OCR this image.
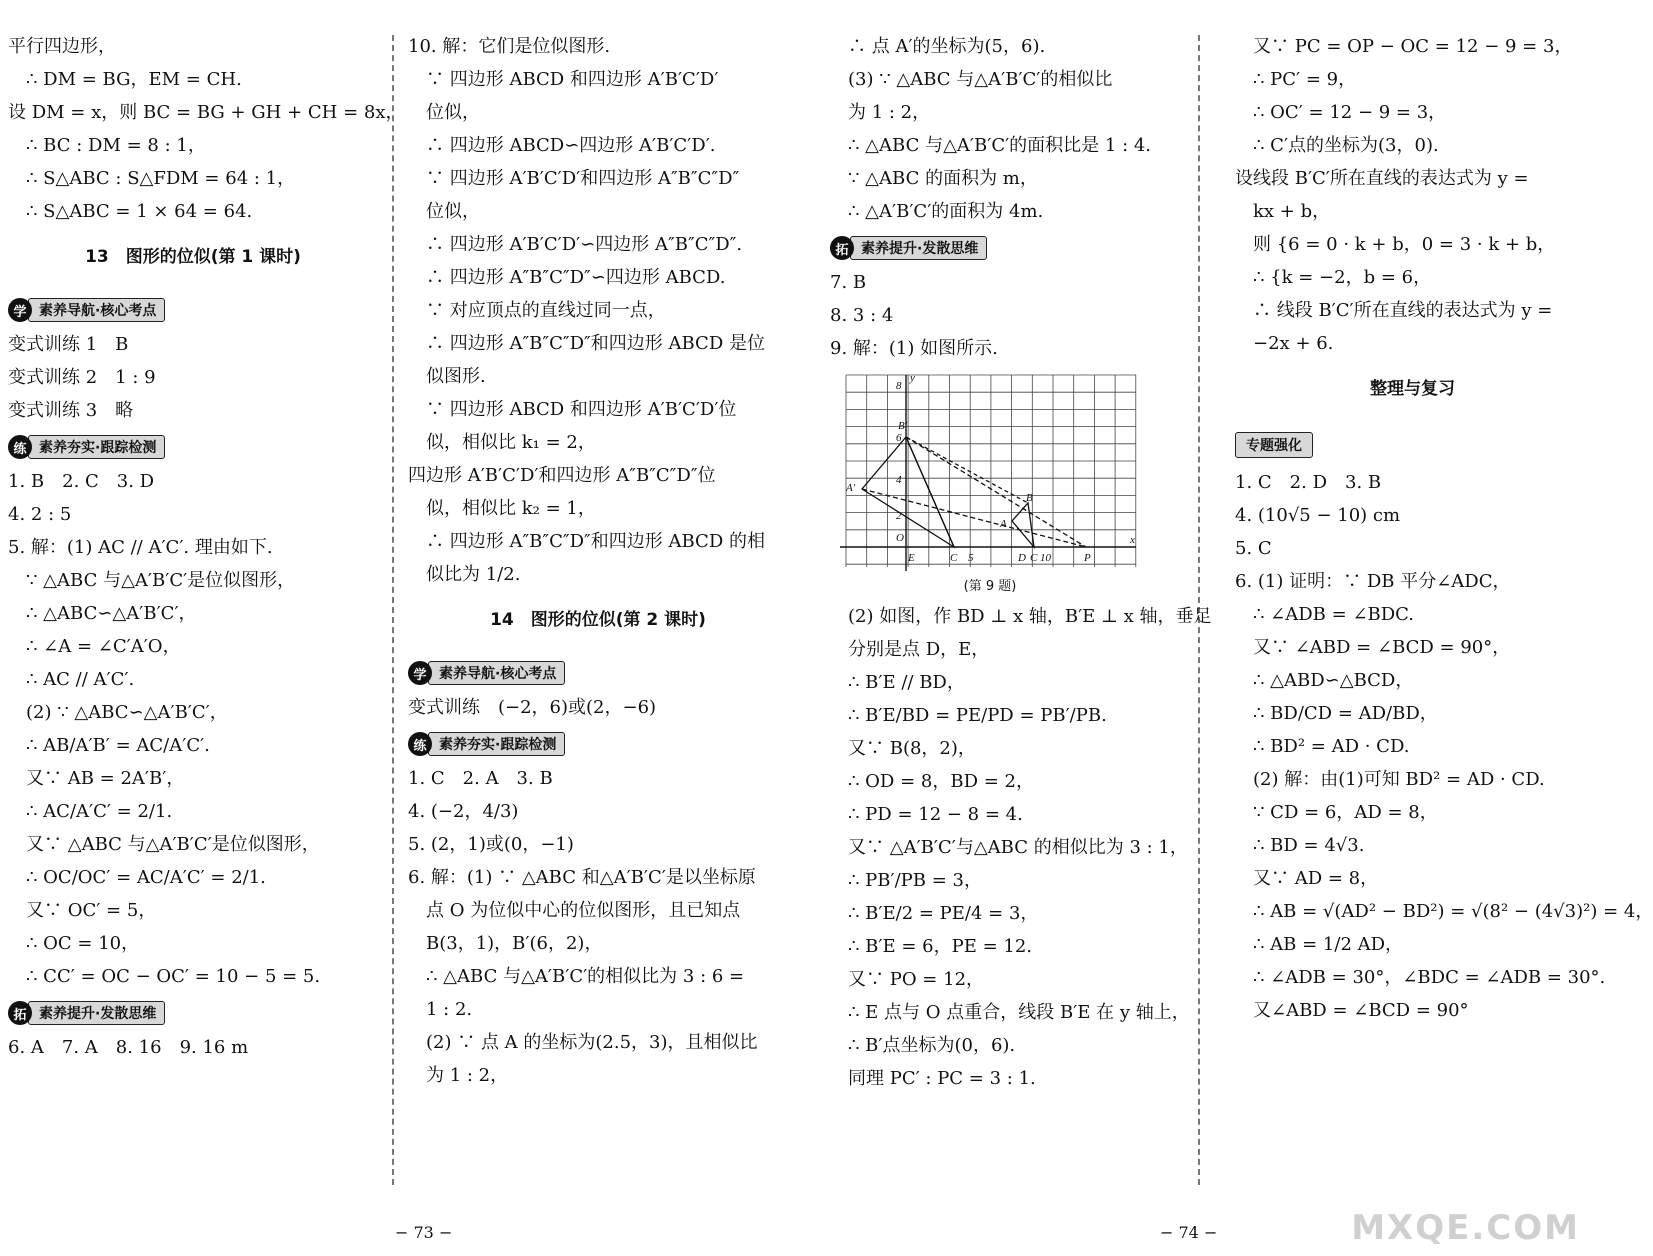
平行四边形，
∴ DM = BG，EM = CH.
设 DM = x，则 BC = BG + GH + CH = 8x，
∴ BC : DM = 8 : 1，
∴ S△ABC : S△FDM = 64 : 1，
∴ S△ABC = 1 × 64 = 64.
13　图形的位似(第 1 课时)
学 素养导航·核心考点
变式训练 1　B
变式训练 2　1 : 9
变式训练 3　略
练 素养夯实·跟踪检测
1. B　2. C　3. D
4. 2 : 5
5. 解：(1) AC // A′C′. 理由如下.
∵ △ABC 与△A′B′C′是位似图形，
∴ △ABC∽△A′B′C′，
∴ ∠A = ∠C′A′O，
∴ AC // A′C′.
(2) ∵ △ABC∽△A′B′C′，
∴ AB/A′B′ = AC/A′C′.
又∵ AB = 2A′B′，
∴ AC/A′C′ = 2/1.
又∵ △ABC 与△A′B′C′是位似图形，
∴ OC/OC′ = AC/A′C′ = 2/1.
又∵ OC′ = 5，
∴ OC = 10，
∴ CC′ = OC − OC′ = 10 − 5 = 5.
拓 素养提升·发散思维
6. A　7. A　8. 16　9. 16 m
10. 解：它们是位似图形.
∵ 四边形 ABCD 和四边形 A′B′C′D′
位似，
∴ 四边形 ABCD∽四边形 A′B′C′D′.
∵ 四边形 A′B′C′D′和四边形 A″B″C″D″
位似，
∴ 四边形 A′B′C′D′∽四边形 A″B″C″D″.
∴ 四边形 A″B″C″D″∽四边形 ABCD.
∵ 对应顶点的直线过同一点，
∴ 四边形 A″B″C″D″和四边形 ABCD 是位
似图形.
∵ 四边形 ABCD 和四边形 A′B′C′D′位
似，相似比 k₁ = 2，
四边形 A′B′C′D′和四边形 A″B″C″D″位
似，相似比 k₂ = 1，
∴ 四边形 A″B″C″D″和四边形 ABCD 的相
似比为 1/2.
14　图形的位似(第 2 课时)
学 素养导航·核心考点
变式训练　(−2，6)或(2，−6)
练 素养夯实·跟踪检测
1. C　2. A　3. B
4. (−2，4/3)
5. (2，1)或(0，−1)
6. 解：(1) ∵ △ABC 和△A′B′C′是以坐标原
点 O 为位似中心的位似图形，且已知点
B(3，1)，B′(6，2)，
∴ △ABC 与△A′B′C′的相似比为 3 : 6 =
1 : 2.
(2) ∵ 点 A 的坐标为(2.5，3)，且相似比
为 1 : 2，
∴ 点 A′的坐标为(5，6).
(3) ∵ △ABC 与△A′B′C′的相似比
为 1 : 2，
∴ △ABC 与△A′B′C′的面积比是 1 : 4.
∵ △ABC 的面积为 m，
∴ △A′B′C′的面积为 4m.
拓 素养提升·发散思维
7. B
8. 3 : 4
9. 解：(1) 如图所示.
y
x
8
6
4
2
O
E	C 5	D C 10	P
A′
B′
B
A
(第 9 题)
(2) 如图，作 BD ⊥ x 轴，B′E ⊥ x 轴，垂足
分别是点 D，E，
∴ B′E // BD，
∴ B′E/BD = PE/PD = PB′/PB.
又∵ B(8，2)，
∴ OD = 8，BD = 2，
∴ PD = 12 − 8 = 4.
又∵ △A′B′C′与△ABC 的相似比为 3 : 1，
∴ PB′/PB = 3，
∴ B′E/2 = PE/4 = 3，
∴ B′E = 6，PE = 12.
又∵ PO = 12，
∴ E 点与 O 点重合，线段 B′E 在 y 轴上，
∴ B′点坐标为(0，6).
同理 PC′ : PC = 3 : 1.
又∵ PC = OP − OC = 12 − 9 = 3，
∴ PC′ = 9，
∴ OC′ = 12 − 9 = 3，
∴ C′点的坐标为(3，0).
设线段 B′C′所在直线的表达式为 y =
kx + b，
则 {6 = 0 · k + b，0 = 3 · k + b，
∴ {k = −2，b = 6，
∴ 线段 B′C′所在直线的表达式为 y =
−2x + 6.
整理与复习
专题强化
1. C　2. D　3. B
4. (10√5 − 10) cm
5. C
6. (1) 证明：∵ DB 平分∠ADC，
∴ ∠ADB = ∠BDC.
又∵ ∠ABD = ∠BCD = 90°，
∴ △ABD∽△BCD，
∴ BD/CD = AD/BD，
∴ BD² = AD · CD.
(2) 解：由(1)可知 BD² = AD · CD.
∵ CD = 6，AD = 8，
∴ BD = 4√3.
又∵ AD = 8，
∴ AB = √(AD² − BD²) = √(8² − (4√3)²) = 4，
∴ AB = 1/2 AD，
∴ ∠ADB = 30°，∠BDC = ∠ADB = 30°.
又∠ABD = ∠BCD = 90°
− 73 −	− 74 −	MXQE.COM
